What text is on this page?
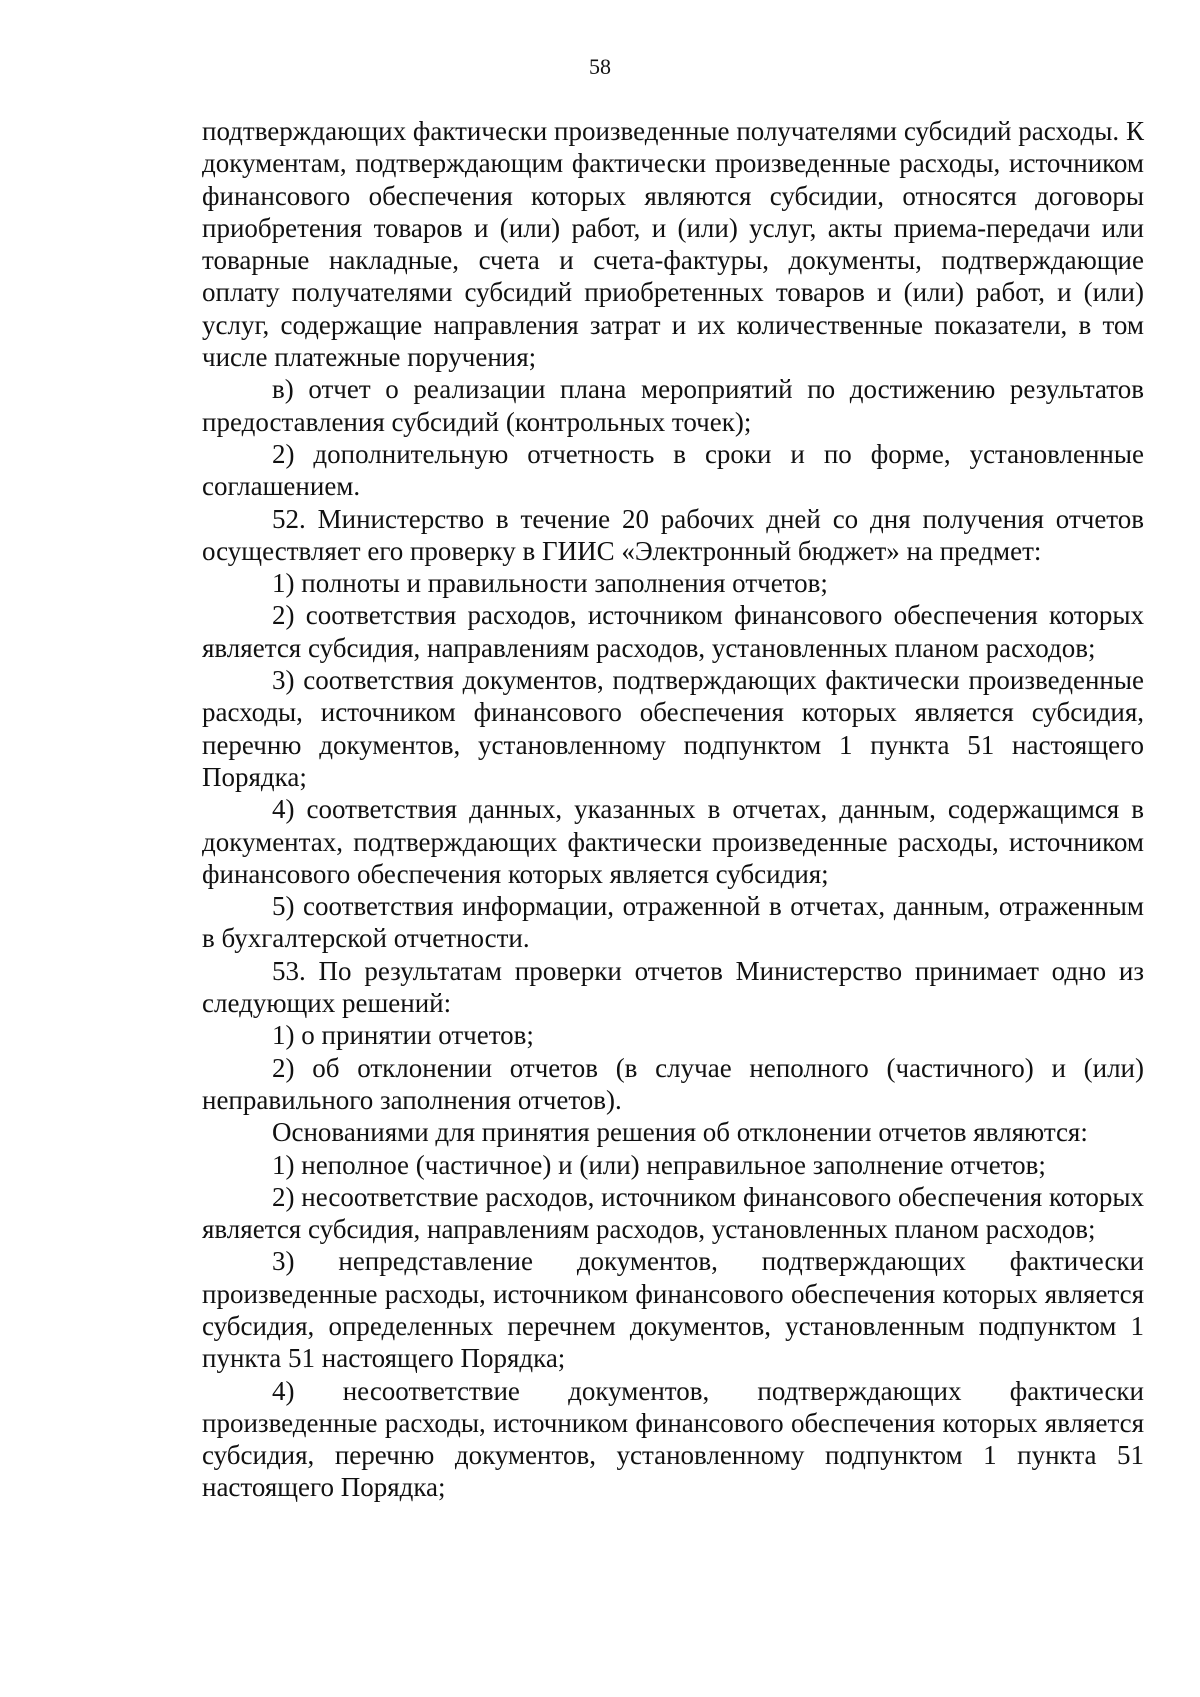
58

подтверждающих фактически произведенные получателями субсидий расходы. К документам, подтверждающим фактически произведенные расходы, источником финансового обеспечения которых являются субсидии, относятся договоры приобретения товаров и (или) работ, и (или) услуг, акты приема-передачи или товарные накладные, счета и счета-фактуры, документы, подтверждающие оплату получателями субсидий приобретенных товаров и (или) работ, и (или) услуг, содержащие направления затрат и их количественные показатели, в том числе платежные поручения;

в) отчет о реализации плана мероприятий по достижению результатов предоставления субсидий (контрольных точек);

2) дополнительную отчетность в сроки и по форме, установленные соглашением.

52. Министерство в течение 20 рабочих дней со дня получения отчетов осуществляет его проверку в ГИИС «Электронный бюджет» на предмет:

1) полноты и правильности заполнения отчетов;

2) соответствия расходов, источником финансового обеспечения которых является субсидия, направлениям расходов, установленных планом расходов;

3) соответствия документов, подтверждающих фактически произведенные расходы, источником финансового обеспечения которых является субсидия, перечню документов, установленному подпунктом 1 пункта 51 настоящего Порядка;

4) соответствия данных, указанных в отчетах, данным, содержащимся в документах, подтверждающих фактически произведенные расходы, источником финансового обеспечения которых является субсидия;

5) соответствия информации, отраженной в отчетах, данным, отраженным в бухгалтерской отчетности.

53. По результатам проверки отчетов Министерство принимает одно из следующих решений:

1) о принятии отчетов;

2) об отклонении отчетов (в случае неполного (частичного) и (или) неправильного заполнения отчетов).

Основаниями для принятия решения об отклонении отчетов являются:

1) неполное (частичное) и (или) неправильное заполнение отчетов;

2) несоответствие расходов, источником финансового обеспечения которых является субсидия, направлениям расходов, установленных планом расходов;

3) непредставление документов, подтверждающих фактически произведенные расходы, источником финансового обеспечения которых является субсидия, определенных перечнем документов, установленным подпунктом 1 пункта 51 настоящего Порядка;

4) несоответствие документов, подтверждающих фактически произведенные расходы, источником финансового обеспечения которых является субсидия, перечню документов, установленному подпунктом 1 пункта 51 настоящего Порядка;
